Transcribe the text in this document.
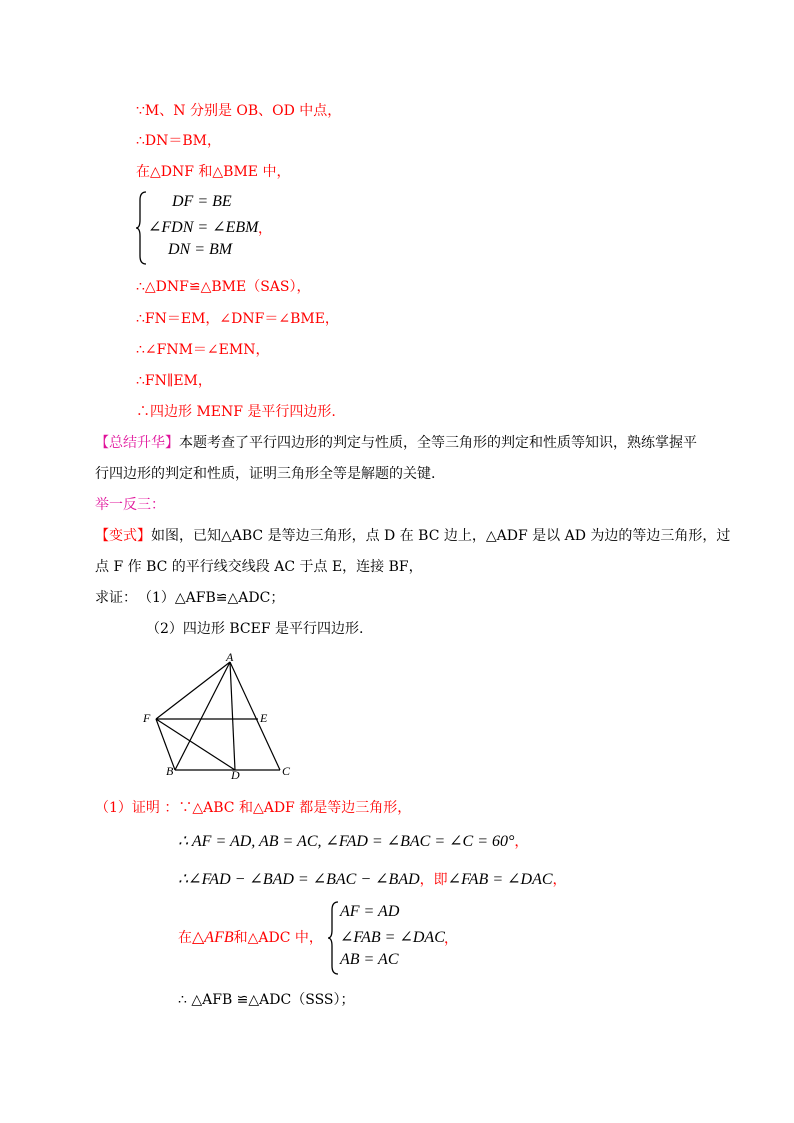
∵M、N 分别是 OB、OD 中点，
∴DN＝BM，
在△DNF 和△BME 中，
DF = BE
∠FDN = ∠EBM
DN = BM
，
∴△DNF≌△BME（SAS），
∴FN＝EM，∠DNF＝∠BME，
∴∠FNM＝∠EMN，
∴FN∥EM，
∴四边形 MENF 是平行四边形.
【总结升华】本题考查了平行四边形的判定与性质，全等三角形的判定和性质等知识，熟练掌握平
行四边形的判定和性质，证明三角形全等是解题的关键.
举一反三：
【变式】如图，已知△ABC 是等边三角形，点 D 在 BC 边上，△ADF 是以 AD 为边的等边三角形，过
点 F 作 BC 的平行线交线段 AC 于点 E，连接 BF，
求证： （1）△AFB≌△ADC；
（2）四边形 BCEF 是平行四边形.
A
F	E
B	D	C
（1）证明 ：∵△ABC 和△ADF 都是等边三角形，
∴ AF = AD, AB = AC, ∠FAD = ∠BAC = ∠C = 60°，
∴∠FAD − ∠BAD = ∠BAC − ∠BAD，即∠FAB = ∠DAC，
在△AFB和△ADC 中，
AF = AD
∠FAB = ∠DAC
AB = AC
，
∴ △AFB ≌△ADC（SSS）；
